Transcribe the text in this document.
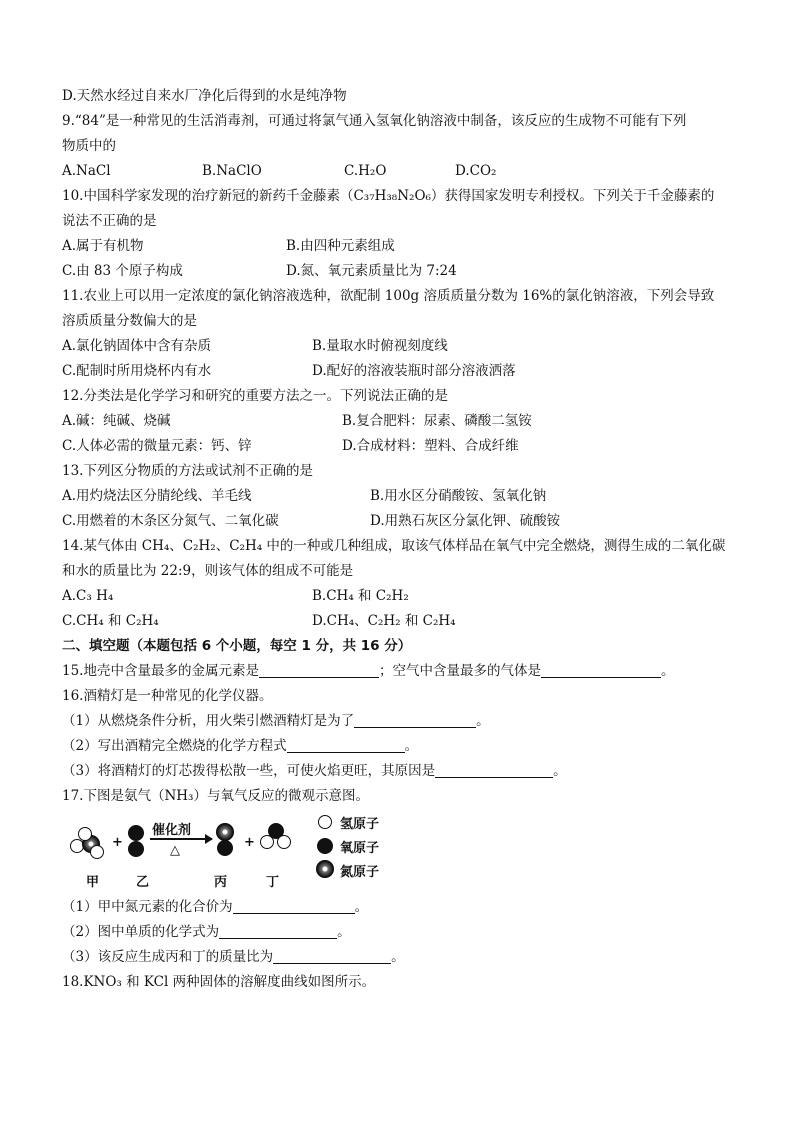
D.天然水经过自来水厂净化后得到的水是纯净物
9.“84”是一种常见的生活消毒剂，可通过将氯气通入氢氧化钠溶液中制备，该反应的生成物不可能有下列
物质中的
A.NaCl	B.NaClO	C.H₂O	D.CO₂
10.中国科学家发现的治疗新冠的新药千金藤素（C₃₇H₃₈N₂O₆）获得国家发明专利授权。下列关于千金藤素的
说法不正确的是
A.属于有机物	B.由四种元素组成
C.由 83 个原子构成	D.氮、氧元素质量比为 7:24
11.农业上可以用一定浓度的氯化钠溶液选种，欲配制 100g 溶质质量分数为 16%的氯化钠溶液，下列会导致
溶质质量分数偏大的是
A.氯化钠固体中含有杂质	B.量取水时俯视刻度线
C.配制时所用烧杯内有水	D.配好的溶液装瓶时部分溶液洒落
12.分类法是化学学习和研究的重要方法之一。下列说法正确的是
A.碱：纯碱、烧碱	B.复合肥料：尿素、磷酸二氢铵
C.人体必需的微量元素：钙、锌	D.合成材料：塑料、合成纤维
13.下列区分物质的方法或试剂不正确的是
A.用灼烧法区分腈纶线、羊毛线	B.用水区分硝酸铵、氢氧化钠
C.用燃着的木条区分氮气、二氧化碳	D.用熟石灰区分氯化钾、硫酸铵
14.某气体由 CH₄、C₂H₂、C₂H₄ 中的一种或几种组成，取该气体样品在氧气中完全燃烧，测得生成的二氧化碳
和水的质量比为 22:9，则该气体的组成不可能是
A.C₃ H₄	B.CH₄ 和 C₂H₂
C.CH₄ 和 C₂H₄	D.CH₄、C₂H₂ 和 C₂H₄
二、填空题（本题包括 6 个小题，每空 1 分，共 16 分）
15.地壳中含量最多的金属元素是	；空气中含量最多的气体是	。
16.酒精灯是一种常见的化学仪器。
（1）从燃烧条件分析，用火柴引燃酒精灯是为了	。
（2）写出酒精完全燃烧的化学方程式	。
（3）将酒精灯的灯芯拨得松散一些，可使火焰更旺，其原因是	。
17.下图是氨气（NH₃）与氧气反应的微观示意图。
+
催化剂
△
+
甲	乙	丙	丁
氢原子
氧原子
氮原子
（1）甲中氮元素的化合价为	。
（2）图中单质的化学式为	。
（3）该反应生成丙和丁的质量比为	。
18.KNO₃ 和 KCl 两种固体的溶解度曲线如图所示。
